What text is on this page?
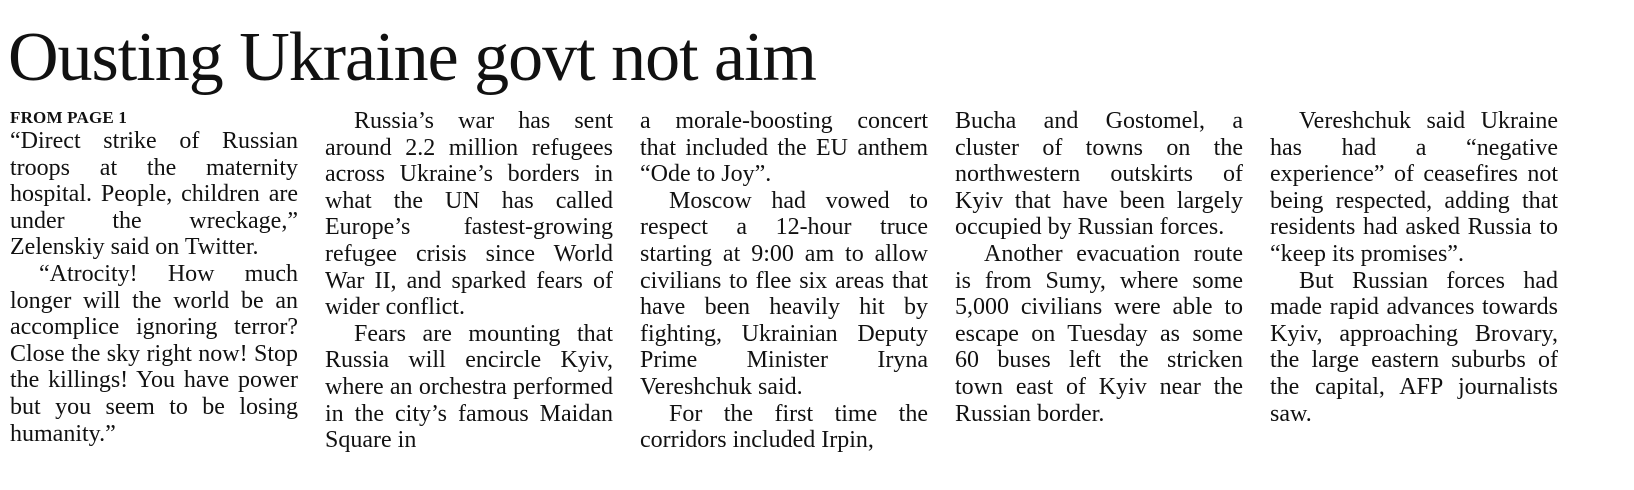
Ousting Ukraine govt not aim
FROM PAGE 1

“Direct strike of Russian troops at the maternity hospital. People, children are under the wreckage,” Zelenskiy said on Twitter.

“Atrocity! How much longer will the world be an accomplice ignoring terror? Close the sky right now! Stop the killings! You have power but you seem to be losing humanity.”

Russia’s war has sent around 2.2 million refugees across Ukraine’s borders in what the UN has called Europe’s fastest-growing refugee crisis since World War II, and sparked fears of wider conflict.

Fears are mounting that Russia will encircle Kyiv, where an orchestra performed in the city’s famous Maidan Square in

a morale-boosting concert that included the EU anthem “Ode to Joy”.

Moscow had vowed to respect a 12-hour truce starting at 9:00 am to allow civilians to flee six areas that have been heavily hit by fighting, Ukrainian Deputy Prime Minister Iryna Vereshchuk said.

For the first time the corridors included Irpin,

Bucha and Gostomel, a cluster of towns on the northwestern outskirts of Kyiv that have been largely occupied by Russian forces.

Another evacuation route is from Sumy, where some 5,000 civilians were able to escape on Tuesday as some 60 buses left the stricken town east of Kyiv near the Russian border.

Vereshchuk said Ukraine has had a “negative experience” of ceasefires not being respected, adding that residents had asked Russia to “keep its promises”.

But Russian forces had made rapid advances towards Kyiv, approaching Brovary, the large eastern suburbs of the capital, AFP journalists saw.
